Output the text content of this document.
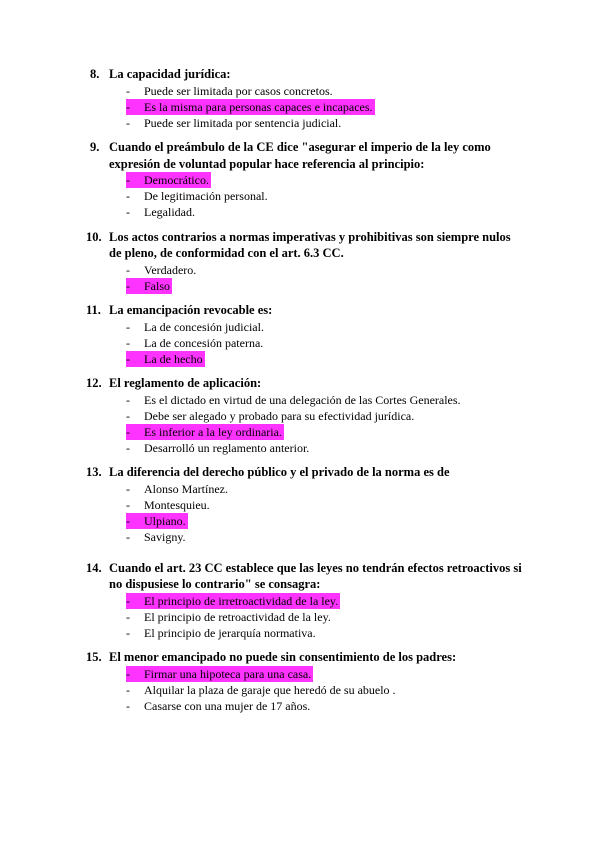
8. La capacidad jurídica:
- Puede ser limitada por casos concretos.
- Es la misma para personas capaces e incapaces.
- Puede ser limitada por sentencia judicial.
9. Cuando el preámbulo de la CE dice "asegurar el imperio de la ley como expresión de voluntad popular hace referencia al principio:
- Democrático.
- De legitimación personal.
- Legalidad.
10. Los actos contrarios a normas imperativas y prohibitivas son siempre nulos de pleno, de conformidad con el art. 6.3 CC.
- Verdadero.
- Falso
11. La emancipación revocable es:
- La de concesión judicial.
- La de concesión paterna.
- La de hecho
12. El reglamento de aplicación:
- Es el dictado en virtud de una delegación de las Cortes Generales.
- Debe ser alegado y probado para su efectividad jurídica.
- Es inferior a la ley ordinaria.
- Desarrolló un reglamento anterior.
13. La diferencia del derecho público y el privado de la norma es de
- Alonso Martínez.
- Montesquieu.
- Ulpiano.
- Savigny.
14. Cuando el art. 23 CC establece que las leyes no tendrán efectos retroactivos si no dispusiese lo contrario" se consagra:
- El principio de irretroactividad de la ley.
- El principio de retroactividad de la ley.
- El principio de jerarquía normativa.
15. El menor emancipado no puede sin consentimiento de los padres:
- Firmar una hipoteca para una casa.
- Alquilar la plaza de garaje que heredó de su abuelo .
- Casarse con una mujer de 17 años.
